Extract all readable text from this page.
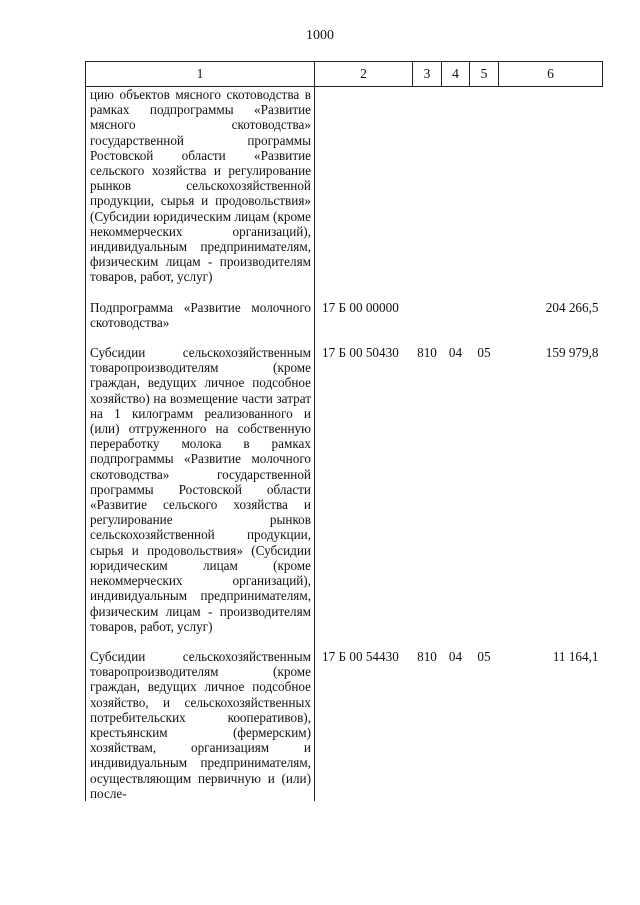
1000
1	2	3	4	5	6
цию объектов мясного скотоводства в рамках подпрограммы «Развитие мясного скотоводства» государственной программы Ростовской области «Развитие сельского хозяйства и регулирование рынков сельскохозяйственной продукции, сырья и продовольствия» (Субсидии юридическим лицам (кроме некоммерческих организаций), индивидуальным предпринимателям, физическим лицам - производителям товаров, работ, услуг)					

Подпрограмма «Развитие молочного скотоводства»	17 Б 00 00000				204 266,5

Субсидии сельскохозяйственным товаропроизводителям (кроме граждан, ведущих личное подсобное хозяйство) на возмещение части затрат на 1 килограмм реализованного и (или) отгруженного на собственную переработку молока в рамках подпрограммы «Развитие молочного скотоводства» государственной программы Ростовской области «Развитие сельского хозяйства и регулирование рынков сельскохозяйственной продукции, сырья и продовольствия» (Субсидии юридическим лицам (кроме некоммерческих организаций), индивидуальным предпринимателям, физическим лицам - производителям товаров, работ, услуг)	17 Б 00 50430	810	04	05	159 979,8

Субсидии сельскохозяйственным товаропроизводителям (кроме граждан, ведущих личное подсобное хозяйство, и сельскохозяйственных потребительских кооперативов), крестьянским (фермерским) хозяйствам, организациям и индивидуальным предпринимателям, осуществляющим первичную и (или) после-	17 Б 00 54430	810	04	05	11 164,1
